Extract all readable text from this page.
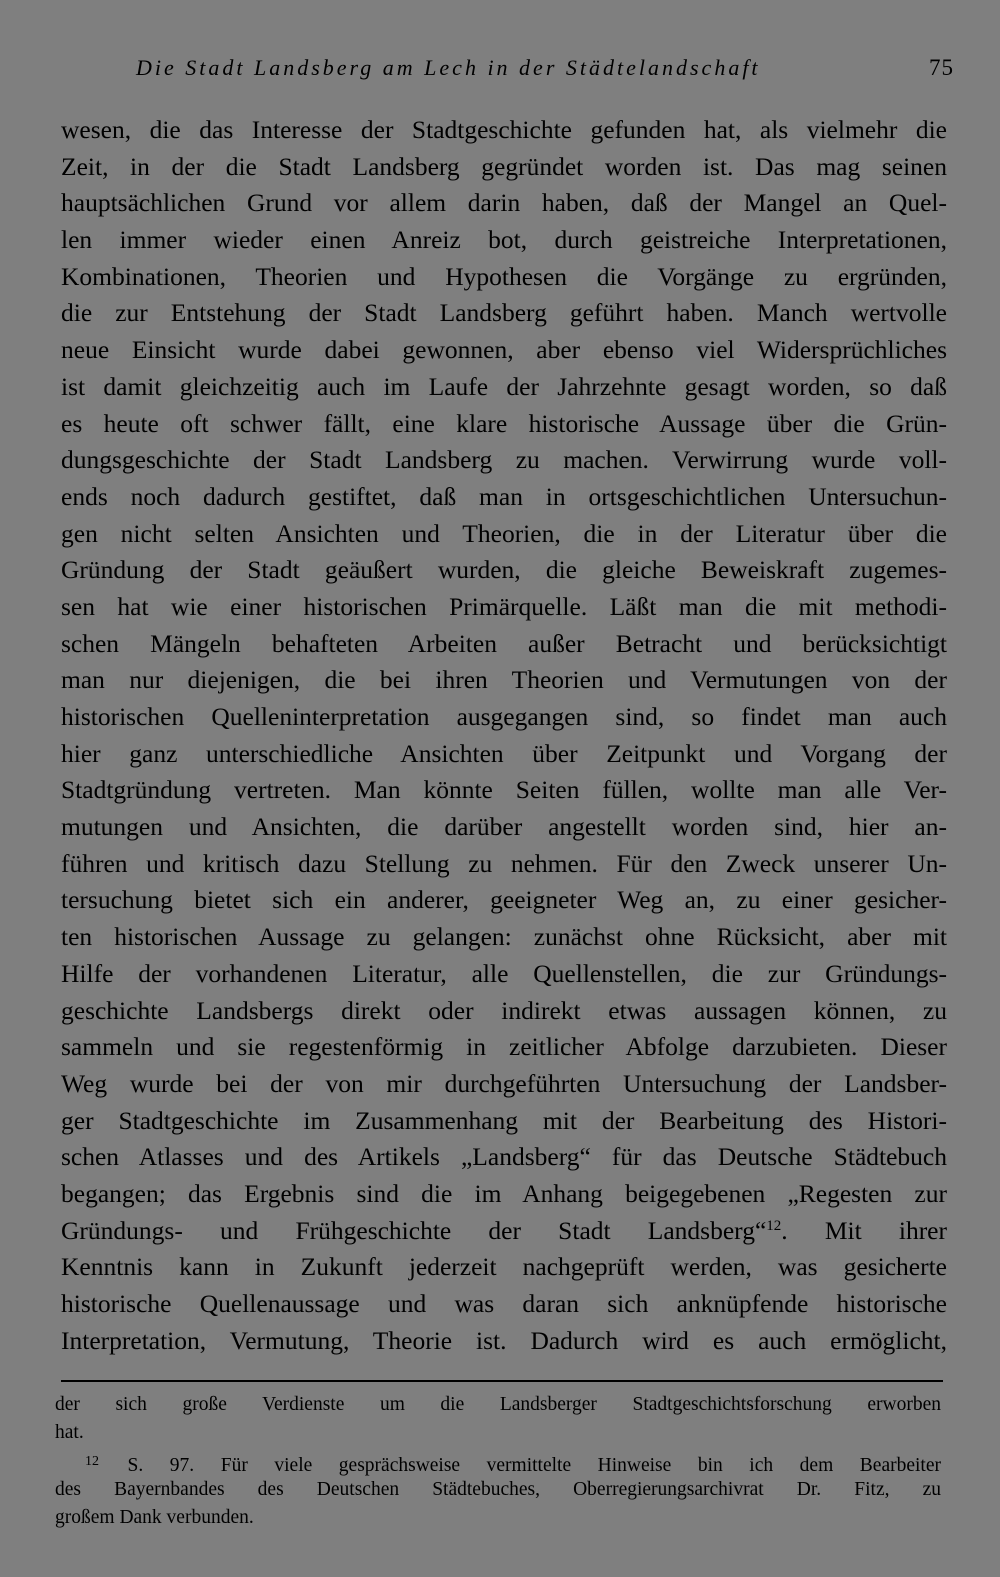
Die Stadt Landsberg am Lech in der Städtelandschaft	75
wesen, die das Interesse der Stadtgeschichte gefunden hat, als vielmehr die
Zeit, in der die Stadt Landsberg gegründet worden ist. Das mag seinen
hauptsächlichen Grund vor allem darin haben, daß der Mangel an Quel-
len immer wieder einen Anreiz bot, durch geistreiche Interpretationen,
Kombinationen, Theorien und Hypothesen die Vorgänge zu ergründen,
die zur Entstehung der Stadt Landsberg geführt haben. Manch wertvolle
neue Einsicht wurde dabei gewonnen, aber ebenso viel Widersprüchliches
ist damit gleichzeitig auch im Laufe der Jahrzehnte gesagt worden, so daß
es heute oft schwer fällt, eine klare historische Aussage über die Grün-
dungsgeschichte der Stadt Landsberg zu machen. Verwirrung wurde voll-
ends noch dadurch gestiftet, daß man in ortsgeschichtlichen Untersuchun-
gen nicht selten Ansichten und Theorien, die in der Literatur über die
Gründung der Stadt geäußert wurden, die gleiche Beweiskraft zugemes-
sen hat wie einer historischen Primärquelle. Läßt man die mit methodi-
schen Mängeln behafteten Arbeiten außer Betracht und berücksichtigt
man nur diejenigen, die bei ihren Theorien und Vermutungen von der
historischen Quelleninterpretation ausgegangen sind, so findet man auch
hier ganz unterschiedliche Ansichten über Zeitpunkt und Vorgang der
Stadtgründung vertreten. Man könnte Seiten füllen, wollte man alle Ver-
mutungen und Ansichten, die darüber angestellt worden sind, hier an-
führen und kritisch dazu Stellung zu nehmen. Für den Zweck unserer Un-
tersuchung bietet sich ein anderer, geeigneter Weg an, zu einer gesicher-
ten historischen Aussage zu gelangen: zunächst ohne Rücksicht, aber mit
Hilfe der vorhandenen Literatur, alle Quellenstellen, die zur Gründungs-
geschichte Landsbergs direkt oder indirekt etwas aussagen können, zu
sammeln und sie regestenförmig in zeitlicher Abfolge darzubieten. Dieser
Weg wurde bei der von mir durchgeführten Untersuchung der Landsber-
ger Stadtgeschichte im Zusammenhang mit der Bearbeitung des Histori-
schen Atlasses und des Artikels „Landsberg“ für das Deutsche Städtebuch
begangen; das Ergebnis sind die im Anhang beigegebenen „Regesten zur
Gründungs- und Frühgeschichte der Stadt Landsberg“$^{12}$. Mit ihrer
Kenntnis kann in Zukunft jederzeit nachgeprüft werden, was gesicherte
historische Quellenaussage und was daran sich anknüpfende historische
Interpretation, Vermutung, Theorie ist. Dadurch wird es auch ermöglicht,
der sich große Verdienste um die Landsberger Stadtgeschichtsforschung erworben
hat.
$^{12}$ S. 97. Für viele gesprächsweise vermittelte Hinweise bin ich dem Bearbeiter
des Bayernbandes des Deutschen Städtebuches, Oberregierungsarchivrat Dr. Fitz, zu
großem Dank verbunden.
